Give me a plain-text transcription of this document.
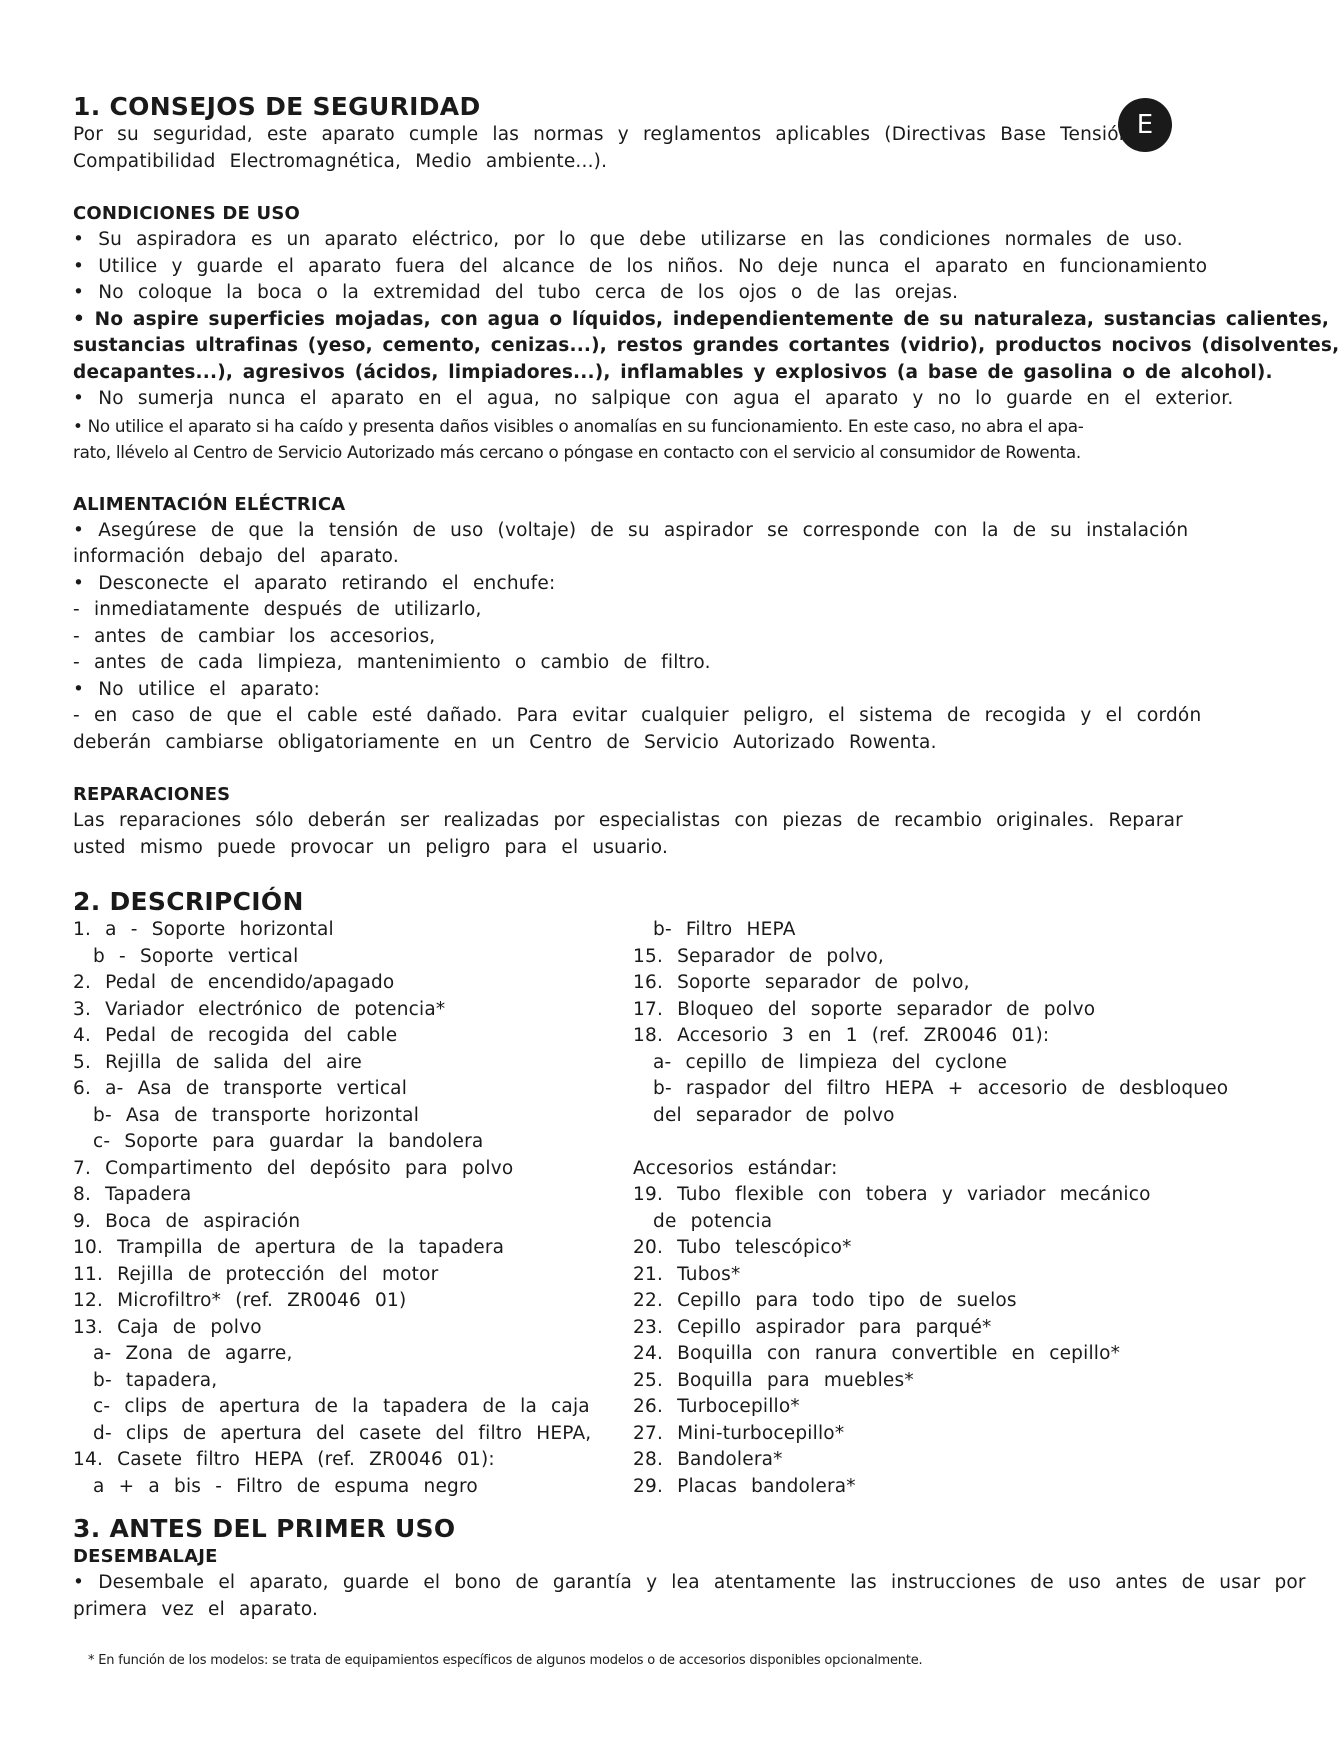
E
1. CONSEJOS DE SEGURIDAD
Por su seguridad, este aparato cumple las normas y reglamentos aplicables (Directivas Base Tensión,
Compatibilidad Electromagnética, Medio ambiente...).
CONDICIONES DE USO
• Su aspiradora es un aparato eléctrico, por lo que debe utilizarse en las condiciones normales de uso.
• Utilice y guarde el aparato fuera del alcance de los niños. No deje nunca el aparato en funcionamiento
• No coloque la boca o la extremidad del tubo cerca de los ojos o de las orejas.
• No aspire superficies mojadas, con agua o líquidos, independientemente de su naturaleza, sustancias calientes,
sustancias ultrafinas (yeso, cemento, cenizas...), restos grandes cortantes (vidrio), productos nocivos (disolventes,
decapantes...), agresivos (ácidos, limpiadores...), inflamables y explosivos (a base de gasolina o de alcohol).
• No sumerja nunca el aparato en el agua, no salpique con agua el aparato y no lo guarde en el exterior.
• No utilice el aparato si ha caído y presenta daños visibles o anomalías en su funcionamiento. En este caso, no abra el apa-
rato, llévelo al Centro de Servicio Autorizado más cercano o póngase en contacto con el servicio al consumidor de Rowenta.
ALIMENTACIÓN ELÉCTRICA
• Asegúrese de que la tensión de uso (voltaje) de su aspirador se corresponde con la de su instalación
información debajo del aparato.
• Desconecte el aparato retirando el enchufe:
- inmediatamente después de utilizarlo,
- antes de cambiar los accesorios,
- antes de cada limpieza, mantenimiento o cambio de filtro.
• No utilice el aparato:
- en caso de que el cable esté dañado. Para evitar cualquier peligro, el sistema de recogida y el cordón
deberán cambiarse obligatoriamente en un Centro de Servicio Autorizado Rowenta.
REPARACIONES
Las reparaciones sólo deberán ser realizadas por especialistas con piezas de recambio originales. Reparar
usted mismo puede provocar un peligro para el usuario.
2. DESCRIPCIÓN
1. a - Soporte horizontal
b - Soporte vertical
2. Pedal de encendido/apagado
3. Variador electrónico de potencia*
4. Pedal de recogida del cable
5. Rejilla de salida del aire
6. a- Asa de transporte vertical
b- Asa de transporte horizontal
c- Soporte para guardar la bandolera
7. Compartimento del depósito para polvo
8. Tapadera
9. Boca de aspiración
10. Trampilla de apertura de la tapadera
11. Rejilla de protección del motor
12. Microfiltro* (ref. ZR0046 01)
13. Caja de polvo
a- Zona de agarre,
b- tapadera,
c- clips de apertura de la tapadera de la caja
d- clips de apertura del casete del filtro HEPA,
14. Casete filtro HEPA (ref. ZR0046 01):
a + a bis - Filtro de espuma negro
b- Filtro HEPA
15. Separador de polvo,
16. Soporte separador de polvo,
17. Bloqueo del soporte separador de polvo
18. Accesorio 3 en 1 (ref. ZR0046 01):
a- cepillo de limpieza del cyclone
b- raspador del filtro HEPA + accesorio de desbloqueo
del separador de polvo

Accesorios estándar:
19. Tubo flexible con tobera y variador mecánico
de potencia
20. Tubo telescópico*
21. Tubos*
22. Cepillo para todo tipo de suelos
23. Cepillo aspirador para parqué*
24. Boquilla con ranura convertible en cepillo*
25. Boquilla para muebles*
26. Turbocepillo*
27. Mini-turbocepillo*
28. Bandolera*
29. Placas bandolera*
3. ANTES DEL PRIMER USO
DESEMBALAJE
• Desembale el aparato, guarde el bono de garantía y lea atentamente las instrucciones de uso antes de usar por
primera vez el aparato.
* En función de los modelos: se trata de equipamientos específicos de algunos modelos o de accesorios disponibles opcionalmente.
